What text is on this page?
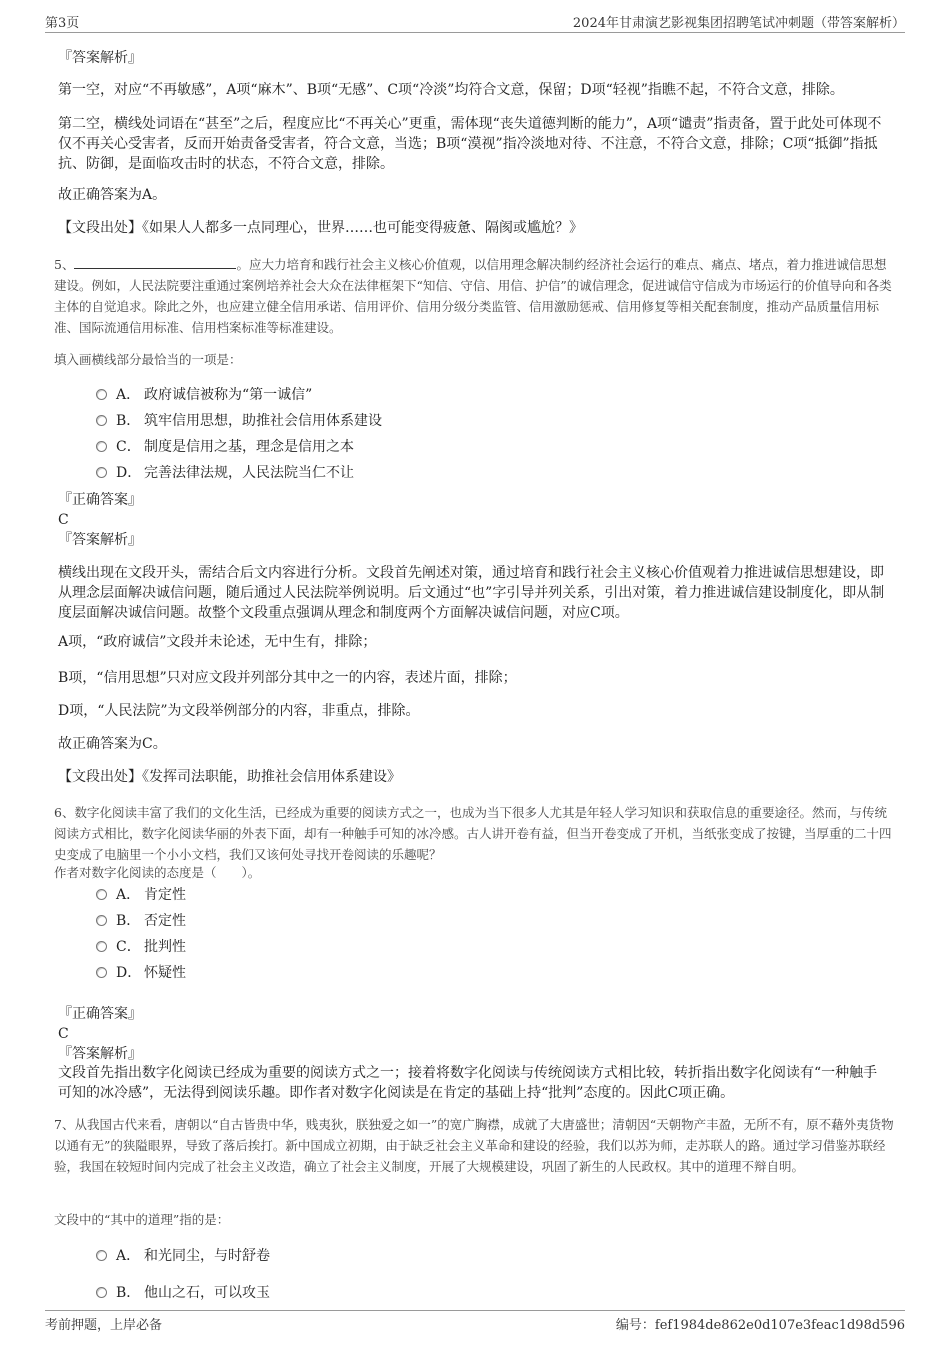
第3页	2024年甘肃演艺影视集团招聘笔试冲刺题（带答案解析）
『答案解析』
第一空，对应“不再敏感”，A项“麻木”、B项“无感”、C项“冷淡”均符合文意，保留；D项“轻视”指瞧不起，不符合文意，排除。
第二空，横线处词语在“甚至”之后，程度应比“不再关心”更重，需体现“丧失道德判断的能力”，A项“谴责”指责备，置于此处可体现不仅不再关心受害者，反而开始责备受害者，符合文意，当选；B项“漠视”指冷淡地对待、不注意，不符合文意，排除；C项“抵御”指抵抗、防御，是面临攻击时的状态，不符合文意，排除。
故正确答案为A。
【文段出处】《如果人人都多一点同理心，世界……也可能变得疲惫、隔阂或尴尬？》
5、	。应大力培育和践行社会主义核心价值观，以信用理念解决制约经济社会运行的难点、痛点、堵点，着力推进诚信思想建设。例如，人民法院要注重通过案例培养社会大众在法律框架下“知信、守信、用信、护信”的诚信理念，促进诚信守信成为市场运行的价值导向和各类主体的自觉追求。除此之外，也应建立健全信用承诺、信用评价、信用分级分类监管、信用激励惩戒、信用修复等相关配套制度，推动产品质量信用标准、国际流通信用标准、信用档案标准等标准建设。
填入画横线部分最恰当的一项是：
A． 政府诚信被称为“第一诚信”
B． 筑牢信用思想，助推社会信用体系建设
C． 制度是信用之基，理念是信用之本
D． 完善法律法规，人民法院当仁不让
『正确答案』
C
『答案解析』
横线出现在文段开头，需结合后文内容进行分析。文段首先阐述对策，通过培育和践行社会主义核心价值观着力推进诚信思想建设，即从理念层面解决诚信问题，随后通过人民法院举例说明。后文通过“也”字引导并列关系，引出对策，着力推进诚信建设制度化，即从制度层面解决诚信问题。故整个文段重点强调从理念和制度两个方面解决诚信问题，对应C项。
A项，“政府诚信”文段并未论述，无中生有，排除；
B项，“信用思想”只对应文段并列部分其中之一的内容，表述片面，排除；
D项，“人民法院”为文段举例部分的内容，非重点，排除。
故正确答案为C。
【文段出处】《发挥司法职能，助推社会信用体系建设》
6、数字化阅读丰富了我们的文化生活，已经成为重要的阅读方式之一，也成为当下很多人尤其是年轻人学习知识和获取信息的重要途径。然而，与传统阅读方式相比，数字化阅读华丽的外表下面，却有一种触手可知的冰冷感。古人讲开卷有益，但当开卷变成了开机，当纸张变成了按键，当厚重的二十四史变成了电脑里一个小小文档，我们又该何处寻找开卷阅读的乐趣呢？
作者对数字化阅读的态度是（　　）。
A． 肯定性
B． 否定性
C． 批判性
D． 怀疑性
『正确答案』
C
『答案解析』
文段首先指出数字化阅读已经成为重要的阅读方式之一；接着将数字化阅读与传统阅读方式相比较，转折指出数字化阅读有“一种触手可知的冰冷感”，无法得到阅读乐趣。即作者对数字化阅读是在肯定的基础上持“批判”态度的。因此C项正确。
7、从我国古代来看，唐朝以“自古皆贵中华，贱夷狄，朕独爱之如一”的宽广胸襟，成就了大唐盛世；清朝因“天朝物产丰盈，无所不有，原不藉外夷货物以通有无”的狭隘眼界，导致了落后挨打。新中国成立初期，由于缺乏社会主义革命和建设的经验，我们以苏为师，走苏联人的路。通过学习借鉴苏联经验，我国在较短时间内完成了社会主义改造，确立了社会主义制度，开展了大规模建设，巩固了新生的人民政权。其中的道理不辩自明。
文段中的“其中的道理”指的是：
A． 和光同尘，与时舒卷
B． 他山之石，可以攻玉
考前押题，上岸必备	编号：fef1984de862e0d107e3feac1d98d596
